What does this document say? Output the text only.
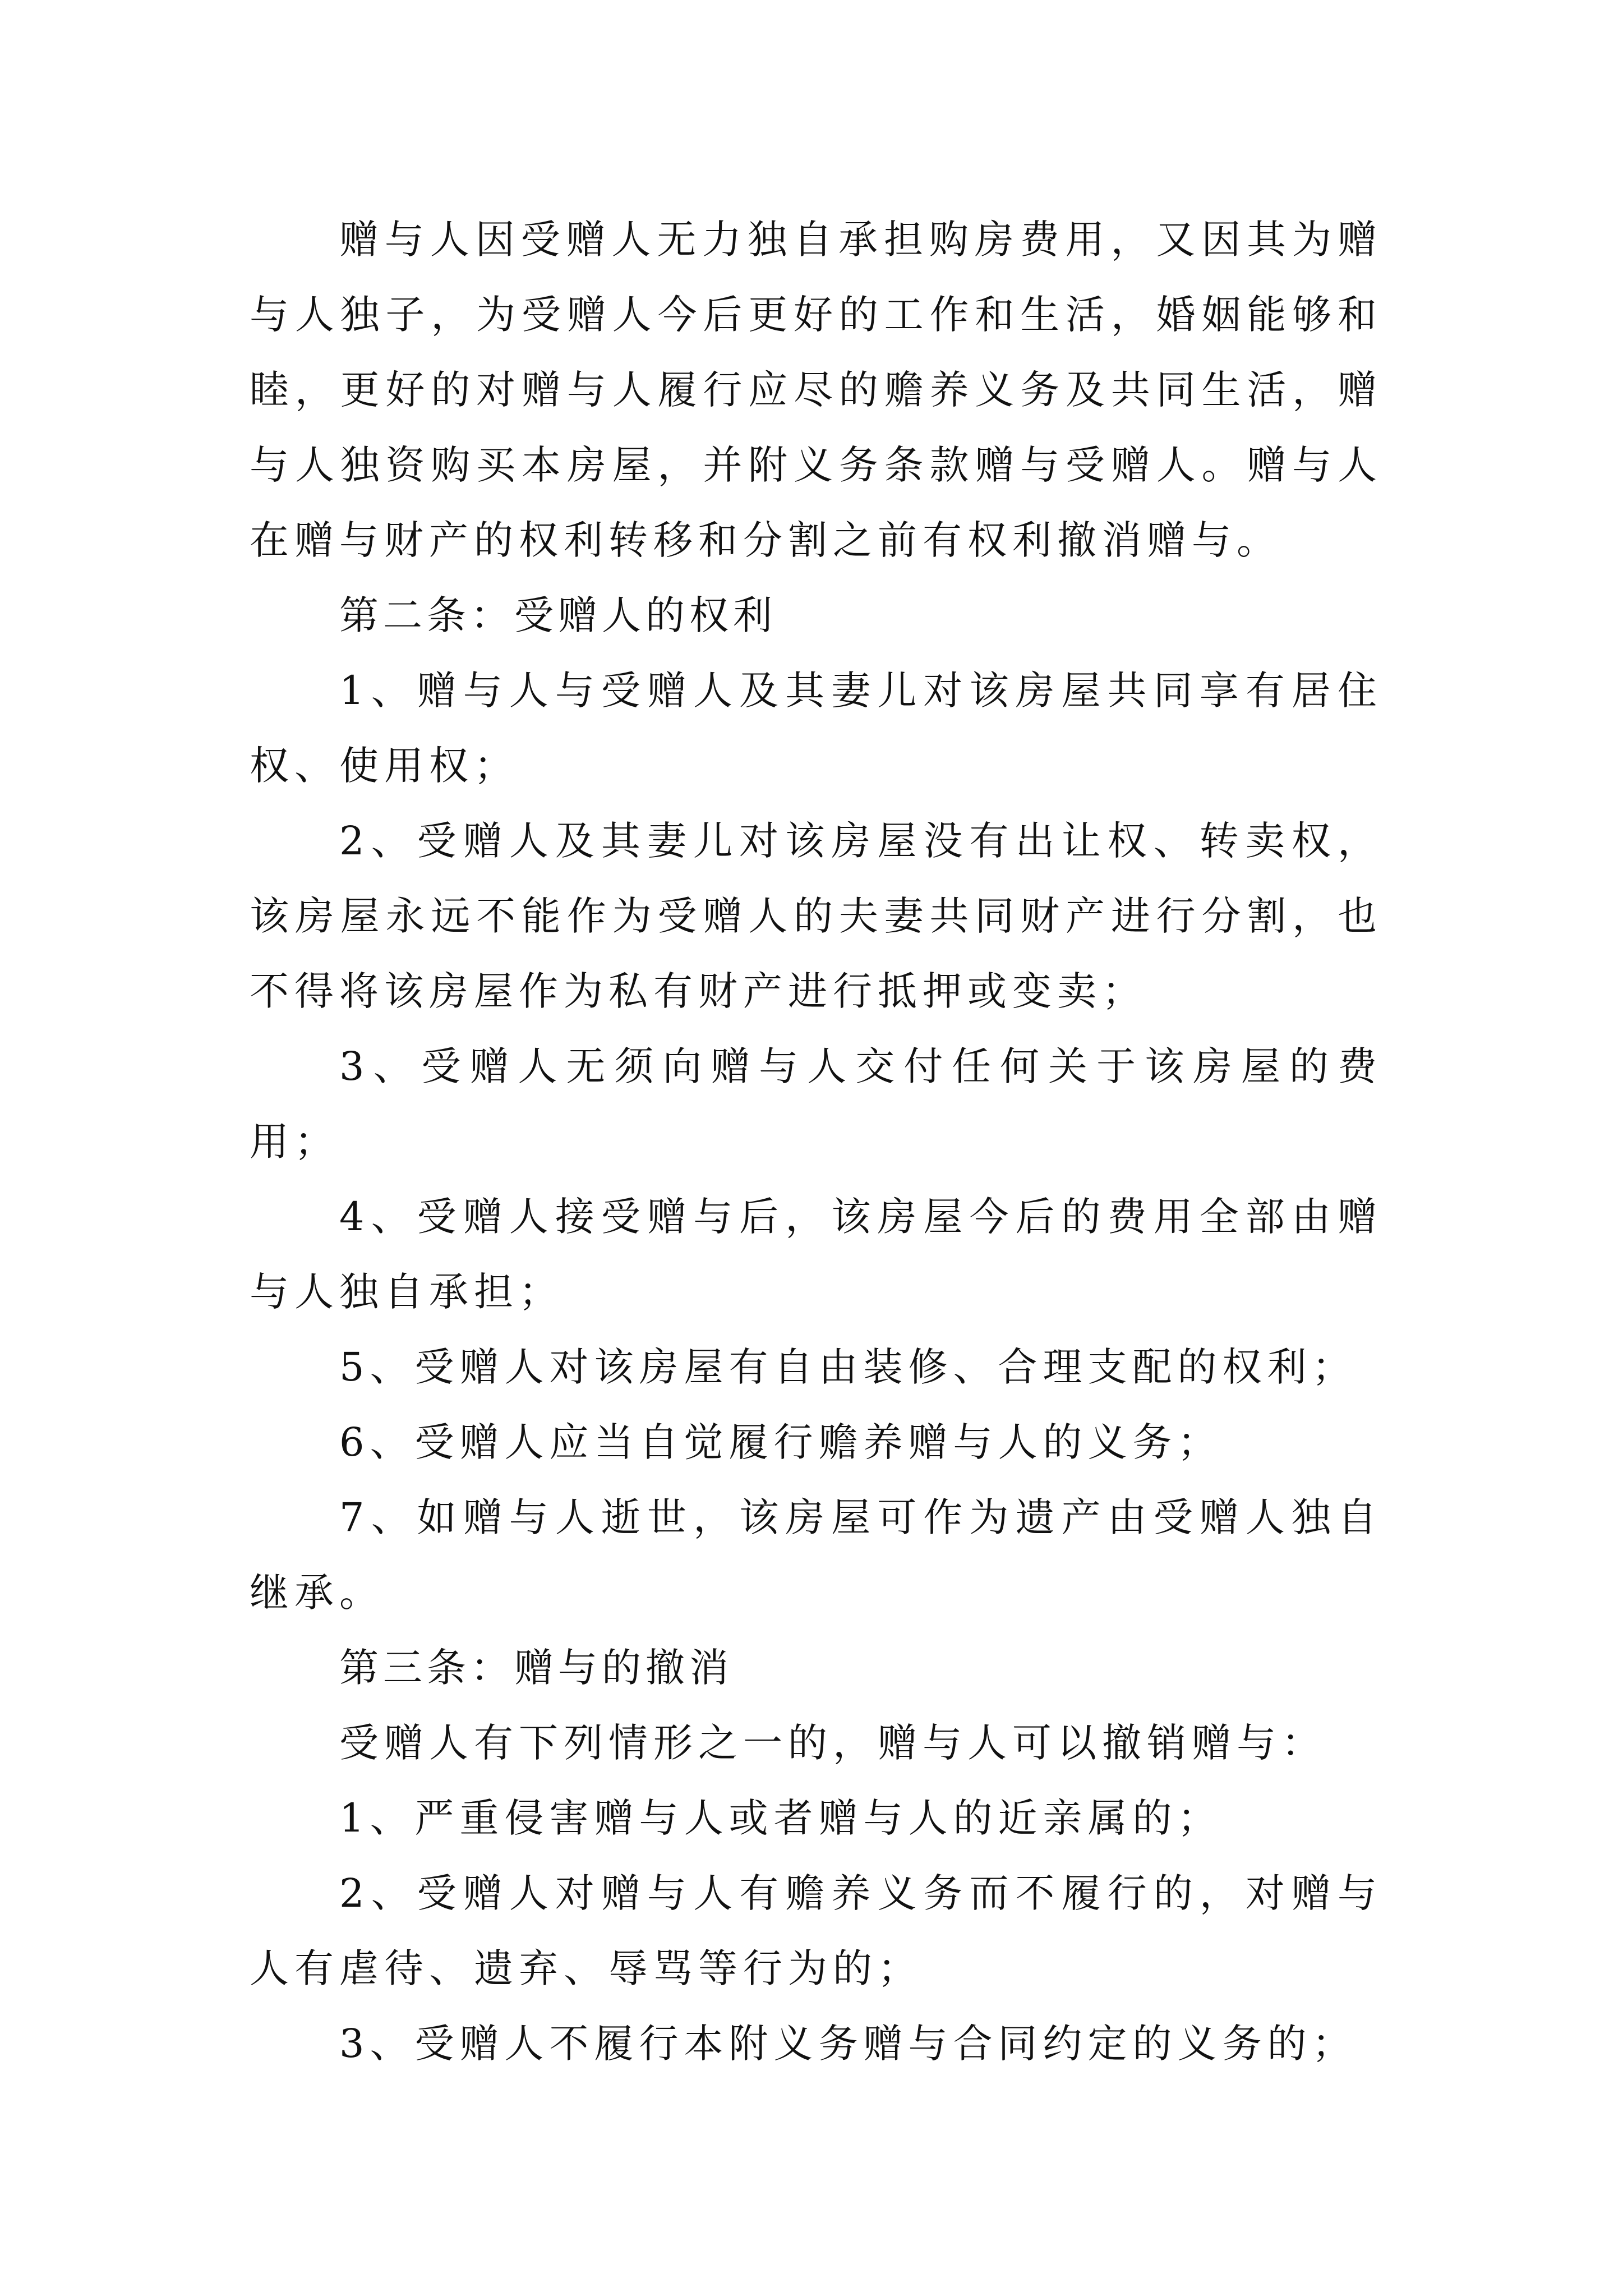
赠与人因受赠人无力独自承担购房费用，又因其为赠与人独子，为受赠人今后更好的工作和生活，婚姻能够和睦，更好的对赠与人履行应尽的赡养义务及共同生活，赠与人独资购买本房屋，并附义务条款赠与受赠人。赠与人在赠与财产的权利转移和分割之前有权利撤消赠与。

第二条：受赠人的权利

1、赠与人与受赠人及其妻儿对该房屋共同享有居住权、使用权；

2、受赠人及其妻儿对该房屋没有出让权、转卖权，该房屋永远不能作为受赠人的夫妻共同财产进行分割，也不得将该房屋作为私有财产进行抵押或变卖；

3、受赠人无须向赠与人交付任何关于该房屋的费用；

4、受赠人接受赠与后，该房屋今后的费用全部由赠与人独自承担；

5、受赠人对该房屋有自由装修、合理支配的权利；

6、受赠人应当自觉履行赡养赠与人的义务；

7、如赠与人逝世，该房屋可作为遗产由受赠人独自继承。

第三条：赠与的撤消

受赠人有下列情形之一的，赠与人可以撤销赠与：

1、严重侵害赠与人或者赠与人的近亲属的；

2、受赠人对赠与人有赡养义务而不履行的，对赠与人有虐待、遗弃、辱骂等行为的；

3、受赠人不履行本附义务赠与合同约定的义务的；
